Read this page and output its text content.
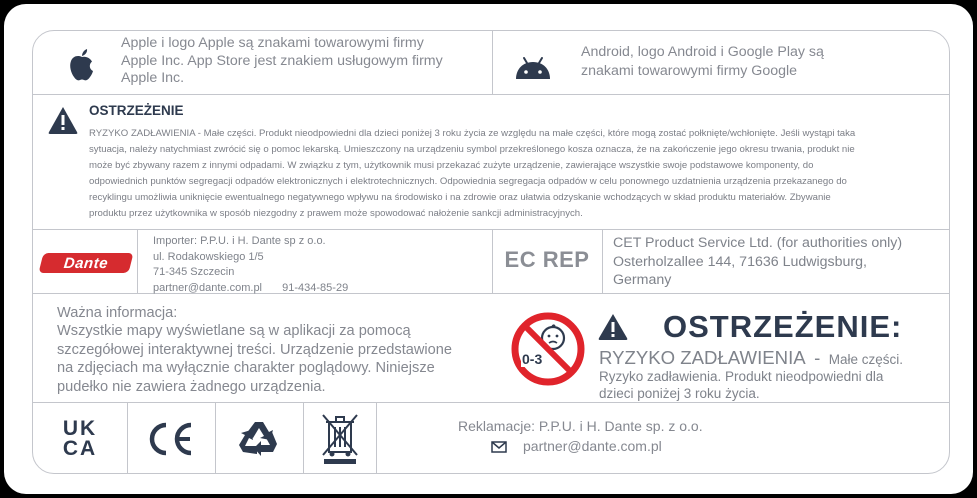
Apple i logo Apple są znakami towarowymi firmy
Apple Inc. App Store jest znakiem usługowym firmy
Apple Inc.
Android, logo Android i Google Play są
znakami towarowymi firmy Google
OSTRZEŻENIE
RYZYKO ZADŁAWIENIA - Małe części. Produkt nieodpowiedni dla dzieci poniżej 3 roku życia ze względu na małe części, które mogą zostać połknięte/wchłonięte. Jeśli wystąpi taka
sytuacja, należy natychmiast zwrócić się o pomoc lekarską. Umieszczony na urządzeniu symbol przekreślonego kosza oznacza, że na zakończenie jego okresu trwania, produkt nie
może być zbywany razem z innymi odpadami. W związku z tym, użytkownik musi przekazać zużyte urządzenie, zawierające wszystkie swoje podstawowe komponenty, do
odpowiednich punktów segregacji odpadów elektronicznych i elektrotechnicznych. Odpowiednia segregacja odpadów w celu ponownego uzdatnienia urządzenia przekazanego do
recyklingu umożliwia uniknięcie ewentualnego negatywnego wpływu na środowisko i na zdrowie oraz ułatwia odzyskanie wchodzących w skład produktu materiałów. Zbywanie
produktu przez użytkownika w sposób niezgodny z prawem może spowodować nałożenie sankcji administracyjnych.
Dante
Importer: P.P.U. i H. Dante sp z o.o.
ul. Rodakowskiego 1/5
71-345 Szczecin
partner@dante.com.pl 91-434-85-29
EC REP
CET Product Service Ltd. (for authorities only)
Osterholzallee 144, 71636 Ludwigsburg,
Germany
Ważna informacja:
Wszystkie mapy wyświetlane są w aplikacji za pomocą
szczegółowej interaktywnej treści. Urządzenie przedstawione
na zdjęciach ma wyłącznie charakter poglądowy. Niniejsze
pudełko nie zawiera żadnego urządzenia.
0-3
OSTRZEŻENIE:
RYZYKO ZADŁAWIENIA - Małe części.
Ryzyko zadławienia. Produkt nieodpowiedni dla
dzieci poniżej 3 roku życia.
UK
CA
Reklamacje: P.P.U. i H. Dante sp. z o.o.
partner@dante.com.pl
